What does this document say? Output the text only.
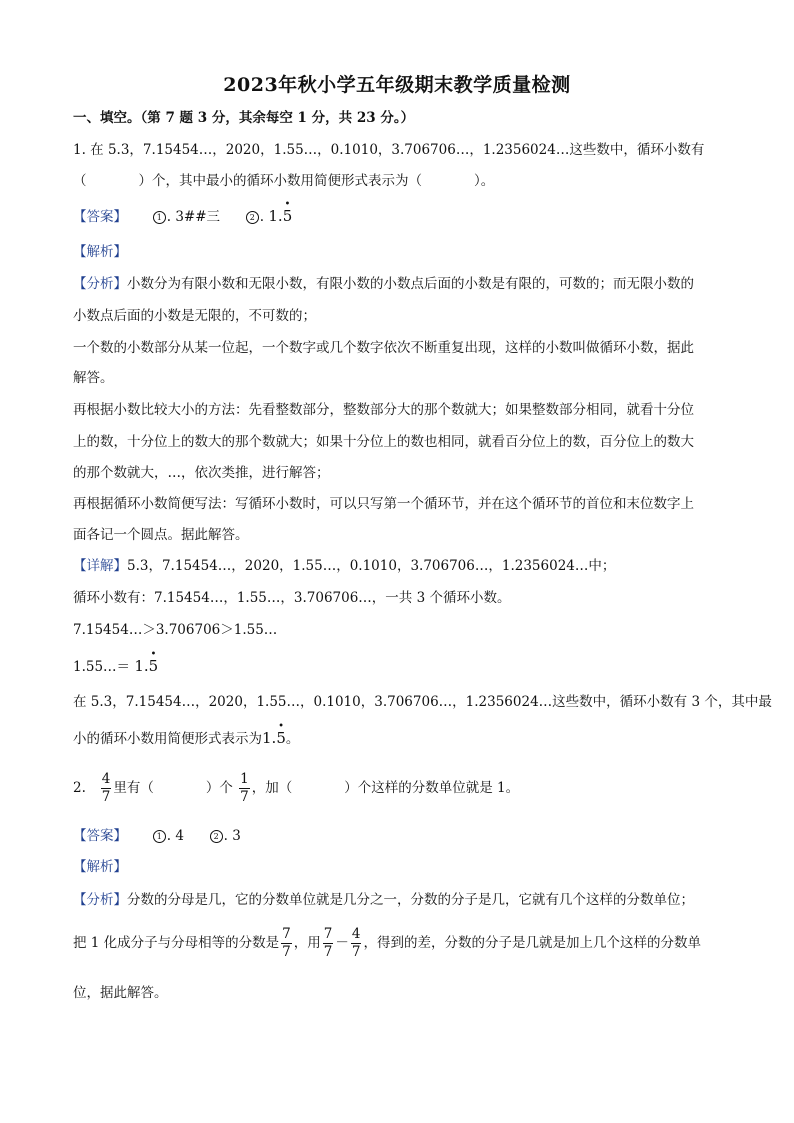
2023年秋小学五年级期末教学质量检测
一、填空。（第 7 题 3 分，其余每空 1 分，共 23 分。）
1. 在 5.3，7.15454…，2020，1.55…，0.1010，3.706706…，1.2356024…这些数中，循环小数有
（	）个，其中最小的循环小数用简便形式表示为（	）。
【答案】	1 . 3##三	2 . 1.
•
5
【解析】
【分析】小数分为有限小数和无限小数，有限小数的小数点后面的小数是有限的，可数的；而无限小数的
小数点后面的小数是无限的，不可数的；
一个数的小数部分从某一位起，一个数字或几个数字依次不断重复出现，这样的小数叫做循环小数，据此
解答。
再根据小数比较大小的方法：先看整数部分，整数部分大的那个数就大；如果整数部分相同，就看十分位
上的数，十分位上的数大的那个数就大；如果十分位上的数也相同，就看百分位上的数，百分位上的数大
的那个数就大，…，依次类推，进行解答；
再根据循环小数简便写法：写循环小数时，可以只写第一个循环节，并在这个循环节的首位和末位数字上
面各记一个圆点。据此解答。
【详解】5.3，7.15454…，2020，1.55…，0.1010，3.706706…，1.2356024…中；
循环小数有：7.15454…，1.55…，3.706706…，一共 3 个循环小数。
7.15454…＞3.706706＞1.55…
1.55…＝ 1.
•
5
在 5.3，7.15454…，2020，1.55…，0.1010，3.706706…，1.2356024…这些数中，循环小数有 3 个，其中最
小的循环小数用简便形式表示为1.
•
5。
2. $\frac{4}{7}$ 里有（	）个 $\frac{1}{7}$ ，加（	）个这样的分数单位就是 1。
【答案】	1 . 4	2 . 3
【解析】
【分析】分数的分母是几，它的分数单位就是几分之一，分数的分子是几，它就有几个这样的分数单位；
把 1 化成分子与分母相等的分数是 $\frac{7}{7}$ ，用 $\frac{7}{7} - \frac{4}{7}$ ，得到的差，分数的分子是几就是加上几个这样的分数单
位，据此解答。
